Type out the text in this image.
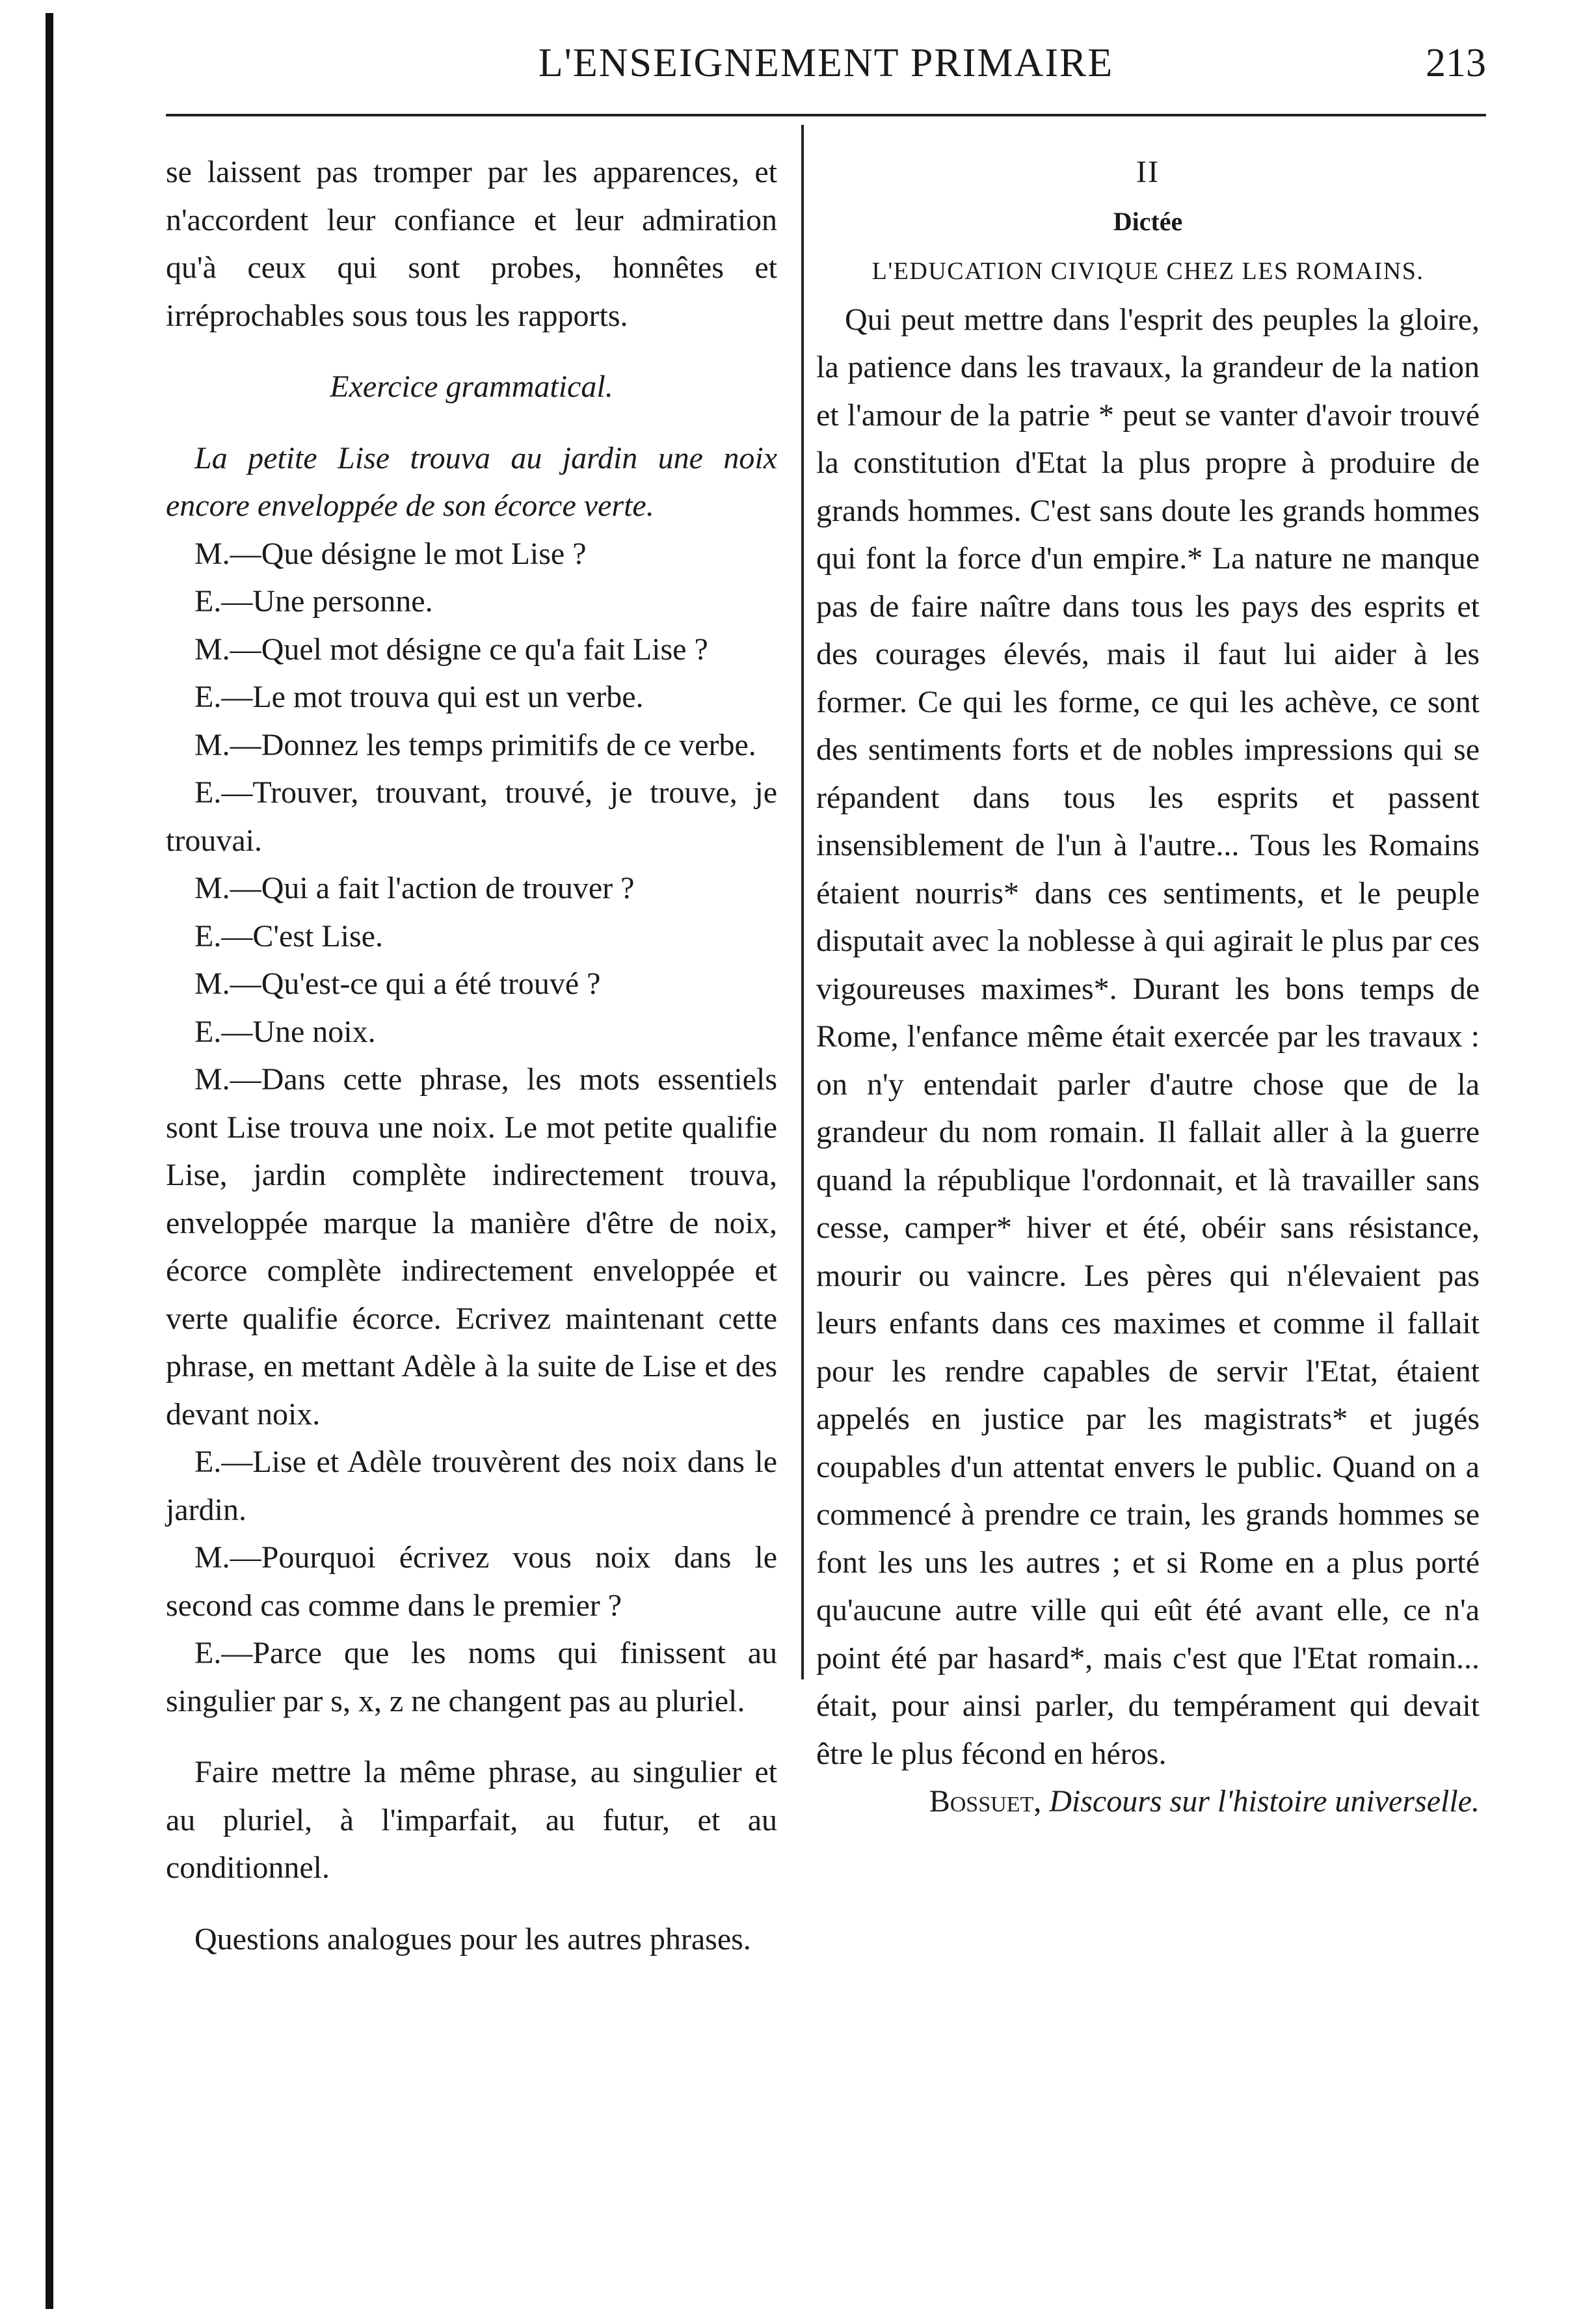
L'ENSEIGNEMENT PRIMAIRE	213

se laissent pas tromper par les apparences, et n'accordent leur confiance et leur admiration qu'à ceux qui sont probes, honnêtes et irréprochables sous tous les rapports.

Exercice grammatical.

La petite Lise trouva au jardin une noix encore enveloppée de son écorce verte.

M.—Que désigne le mot Lise ?

E.—Une personne.

M.—Quel mot désigne ce qu'a fait Lise ?

E.—Le mot trouva qui est un verbe.

M.—Donnez les temps primitifs de ce verbe.

E.—Trouver, trouvant, trouvé, je trouve, je trouvai.

M.—Qui a fait l'action de trouver ?

E.—C'est Lise.

M.—Qu'est-ce qui a été trouvé ?

E.—Une noix.

M.—Dans cette phrase, les mots essentiels sont Lise trouva une noix. Le mot petite qualifie Lise, jardin complète indirectement trouva, enveloppée marque la manière d'être de noix, écorce complète indirectement enveloppée et verte qualifie écorce. Ecrivez maintenant cette phrase, en mettant Adèle à la suite de Lise et des devant noix.

E.—Lise et Adèle trouvèrent des noix dans le jardin.

M.—Pourquoi écrivez vous noix dans le second cas comme dans le premier ?

E.—Parce que les noms qui finissent au singulier par s, x, z ne changent pas au pluriel.

Faire mettre la même phrase, au singulier et au pluriel, à l'imparfait, au futur, et au conditionnel.

Questions analogues pour les autres phrases.

II

Dictée

L'EDUCATION CIVIQUE CHEZ LES ROMAINS.

Qui peut mettre dans l'esprit des peuples la gloire, la patience dans les travaux, la grandeur de la nation et l'amour de la patrie * peut se vanter d'avoir trouvé la constitution d'Etat la plus propre à produire de grands hommes. C'est sans doute les grands hommes qui font la force d'un empire.* La nature ne manque pas de faire naître dans tous les pays des esprits et des courages élevés, mais il faut lui aider à les former. Ce qui les forme, ce qui les achève, ce sont des sentiments forts et de nobles impressions qui se répandent dans tous les esprits et passent insensiblement de l'un à l'autre... Tous les Romains étaient nourris* dans ces sentiments, et le peuple disputait avec la noblesse à qui agirait le plus par ces vigoureuses maximes*. Durant les bons temps de Rome, l'enfance même était exercée par les travaux : on n'y entendait parler d'autre chose que de la grandeur du nom romain. Il fallait aller à la guerre quand la république l'ordonnait, et là travailler sans cesse, camper* hiver et été, obéir sans résistance, mourir ou vaincre. Les pères qui n'élevaient pas leurs enfants dans ces maximes et comme il fallait pour les rendre capables de servir l'Etat, étaient appelés en justice par les magistrats* et jugés coupables d'un attentat envers le public. Quand on a commencé à prendre ce train, les grands hommes se font les uns les autres ; et si Rome en a plus porté qu'aucune autre ville qui eût été avant elle, ce n'a point été par hasard*, mais c'est que l'Etat romain... était, pour ainsi parler, du tempérament qui devait être le plus fécond en héros.

Bossuet, Discours sur l'histoire universelle.
